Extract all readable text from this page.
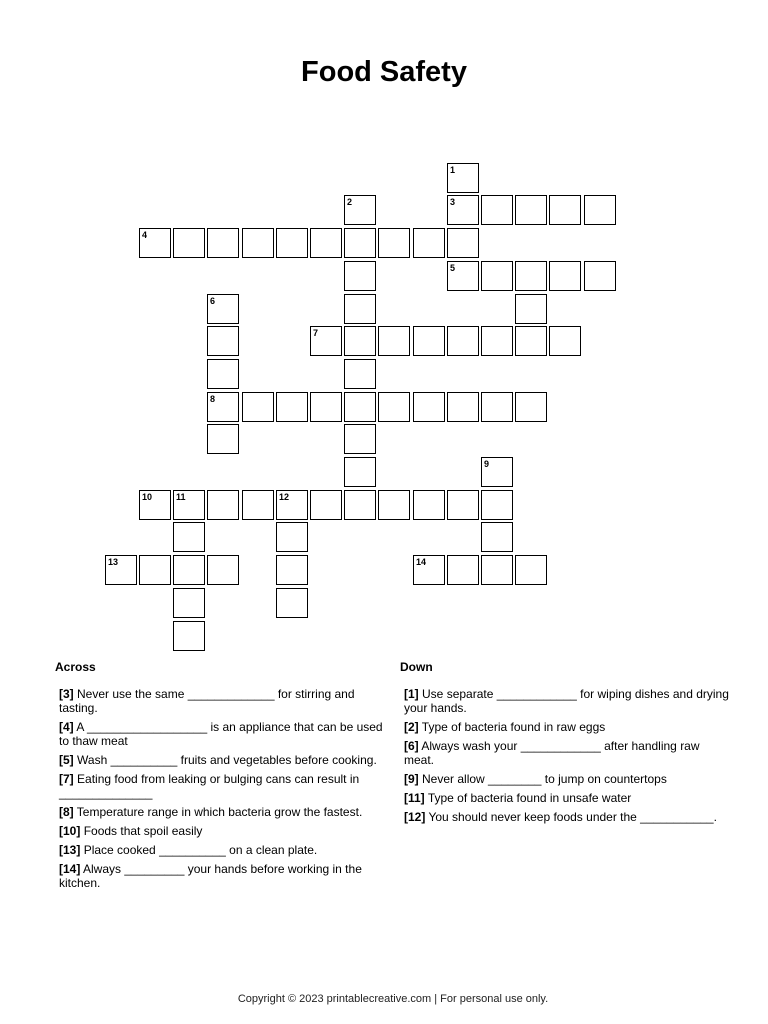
Food Safety
1
2	3
4
5
6
7
8
9
10	11	12
13	14
Across
[3] Never use the same _____________ for stirring and tasting.
[4] A __________________ is an appliance that can be used to thaw meat
[5] Wash __________ fruits and vegetables before cooking.
[7] Eating food from leaking or bulging cans can result in ______________
[8] Temperature range in which bacteria grow the fastest.
[10] Foods that spoil easily
[13] Place cooked __________ on a clean plate.
[14] Always _________ your hands before working in the kitchen.
Down
[1] Use separate ____________ for wiping dishes and drying your hands.
[2] Type of bacteria found in raw eggs
[6] Always wash your ____________ after handling raw meat.
[9] Never allow ________ to jump on countertops
[11] Type of bacteria found in unsafe water
[12] You should never keep foods under the ___________.
Copyright © 2023 printablecreative.com | For personal use only.
